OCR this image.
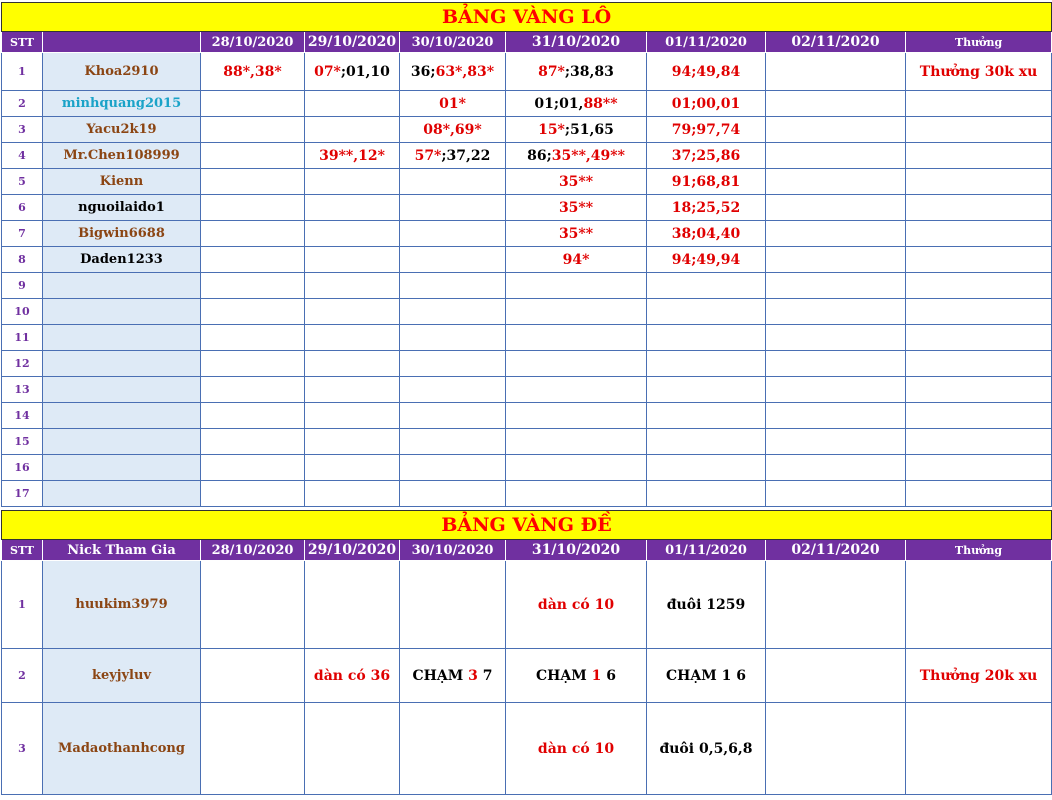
BẢNG VÀNG LÔ								
STT		28/10/2020	29/10/2020	30/10/2020	31/10/2020	01/11/2020	02/11/2020	Thưởng
1	Khoa2910	88*,38*	07*;01,10	36;63*,83*	87*;38,83	94;49,84		Thưởng 30k xu
2	minhquang2015			01*	01;01,88**	01;00,01		
3	Yacu2k19			08*,69*	15*;51,65	79;97,74		
4	Mr.Chen108999		39**,12*	57*;37,22	86;35**,49**	37;25,86		
5	Kienn				35**	91;68,81		
6	nguoilaido1				35**	18;25,52		
7	Bigwin6688				35**	38;04,40		
8	Daden1233				94*	94;49,94		
9								
10								
11								
12								
13								
14								
15								
16								
17								
BẢNG VÀNG ĐỀ								
STT	Nick Tham Gia	28/10/2020	29/10/2020	30/10/2020	31/10/2020	01/11/2020	02/11/2020	Thưởng
1	huukim3979				dàn có 10	đuôi 1259		
2	keyjyluv		dàn có 36	CHẠM 3 7	CHẠM 1 6	CHẠM 1 6		Thưởng 20k xu
3	Madaothanhcong				dàn có 10	đuôi 0,5,6,8		
